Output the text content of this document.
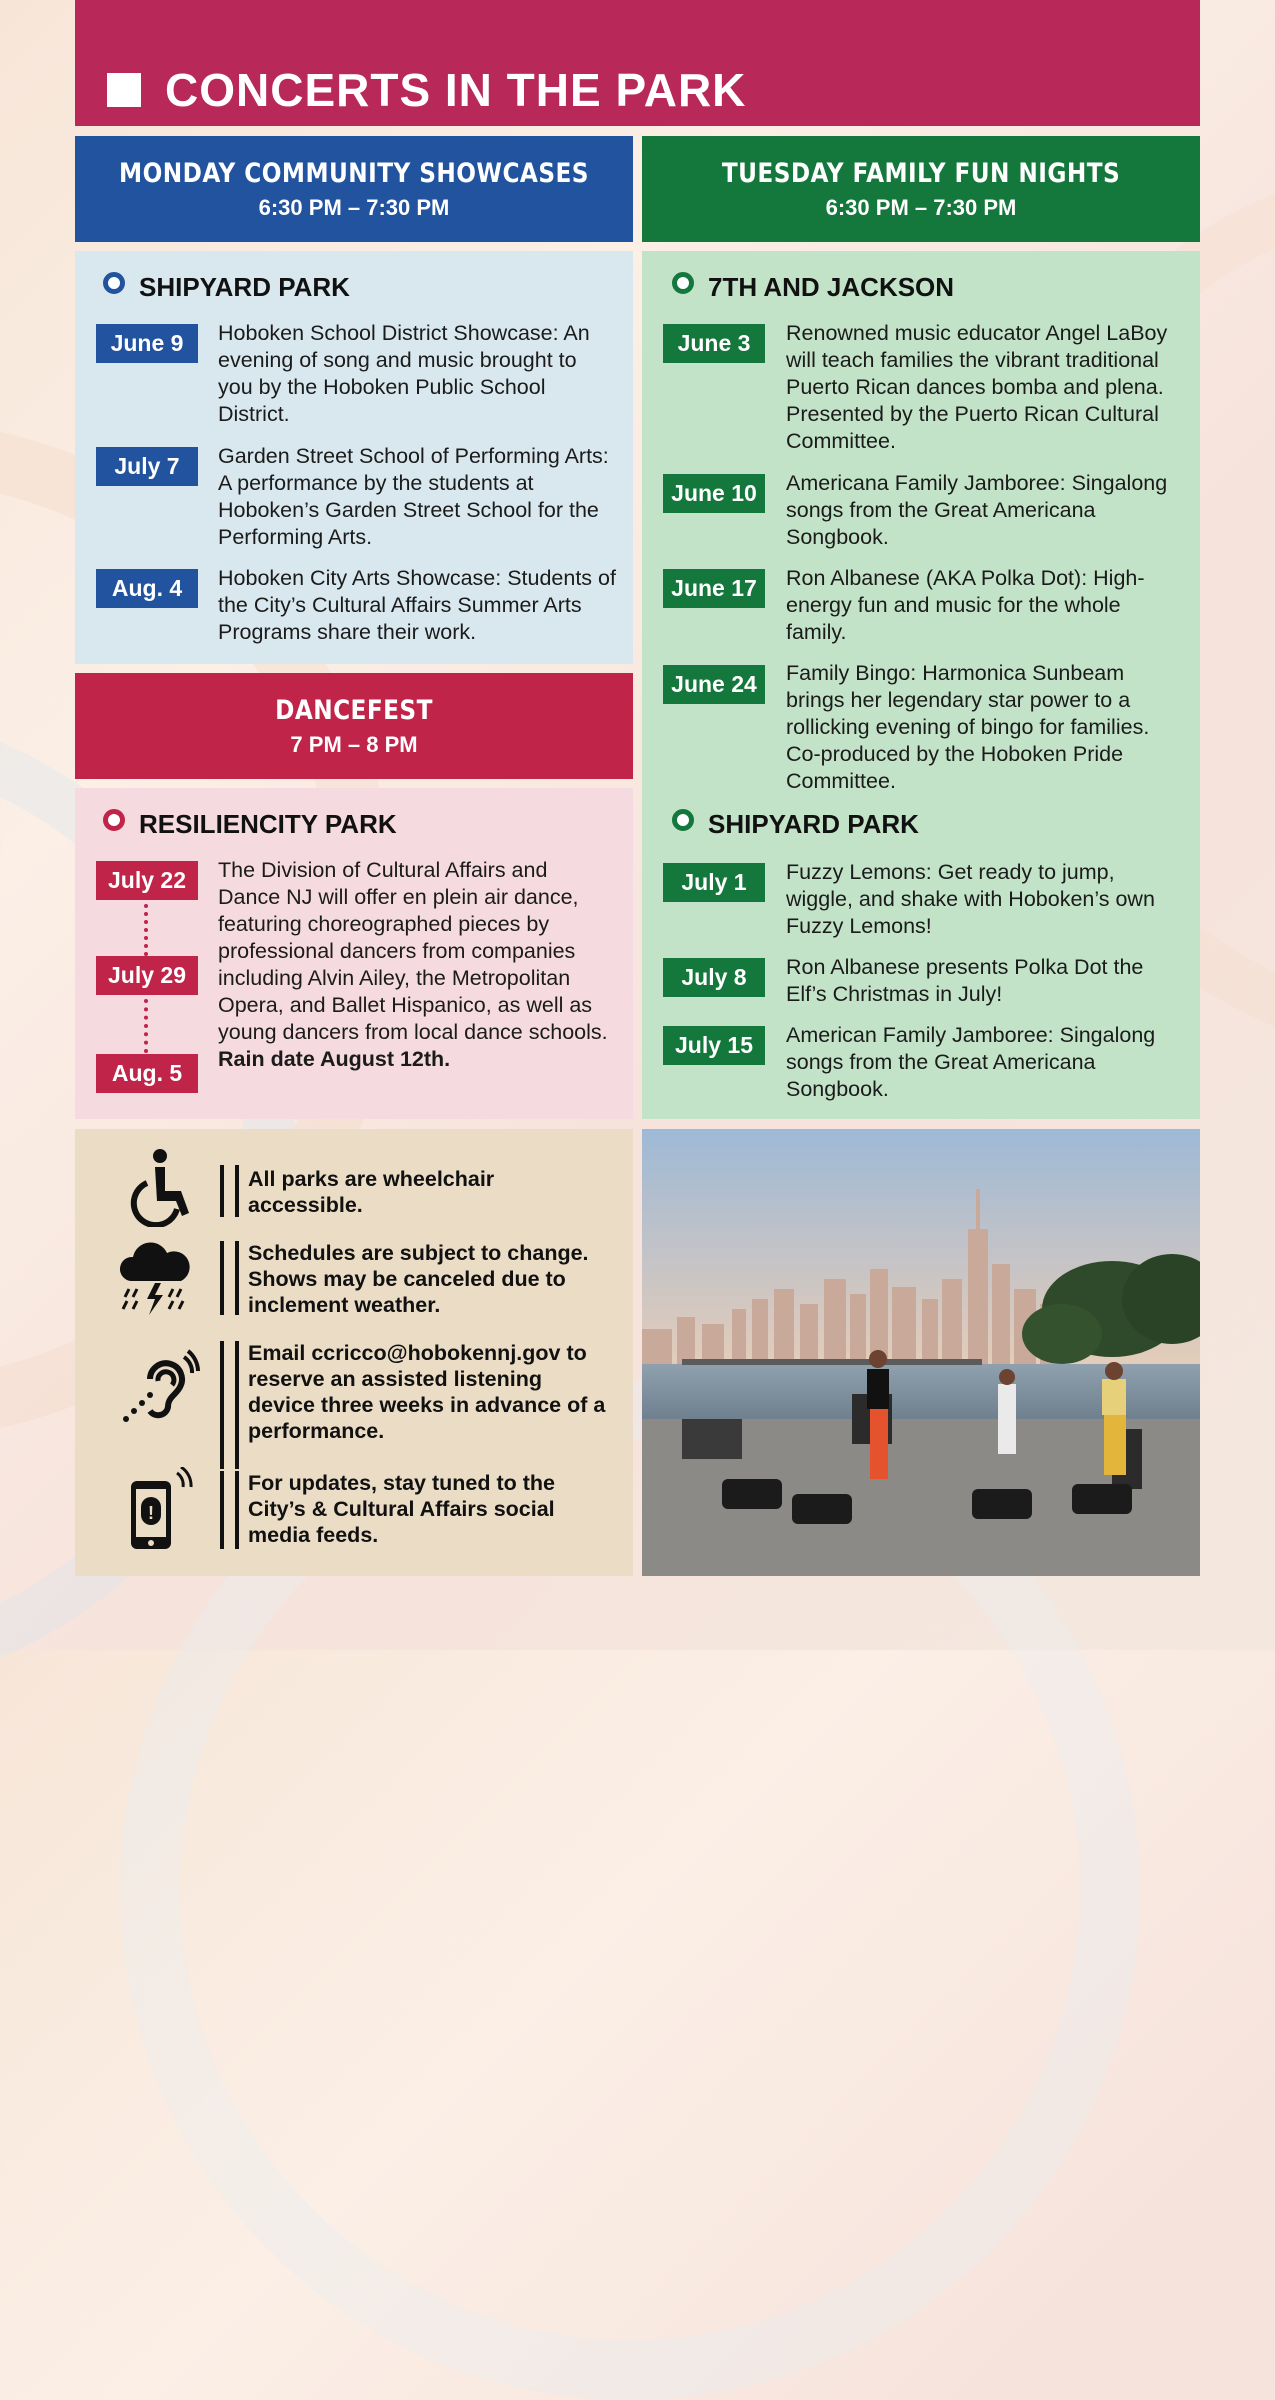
CONCERTS IN THE PARK
MONDAY COMMUNITY SHOWCASES
6:30 PM – 7:30 PM
TUESDAY FAMILY FUN NIGHTS
6:30 PM – 7:30 PM
SHIPYARD PARK
June 9	Hoboken School District Showcase: An evening of song and music brought to you by the Hoboken Public School District.
July 7	Garden Street School of Performing Arts: A performance by the students at Hoboken’s Garden Street School for the Performing Arts.
Aug. 4	Hoboken City Arts Showcase: Students of the City’s Cultural Affairs Summer Arts Programs share their work.
DANCEFEST
7 PM – 8 PM
RESILIENCITY PARK
July 22
July 29
Aug. 5
The Division of Cultural Affairs and Dance NJ will offer en plein air dance, featuring choreographed pieces by professional dancers from companies including Alvin Ailey, the Metropolitan Opera, and Ballet Hispanico, as well as young dancers from local dance schools.
Rain date August 12th.
7TH AND JACKSON
June 3	Renowned music educator Angel LaBoy will teach families the vibrant traditional Puerto Rican dances bomba and plena. Presented by the Puerto Rican Cultural Committee.
June 10	Americana Family Jamboree: Singalong songs from the Great Americana Songbook.
June 17	Ron Albanese (AKA Polka Dot): High-energy fun and music for the whole family.
June 24	Family Bingo: Harmonica Sunbeam brings her legendary star power to a rollicking evening of bingo for families. Co-produced by the Hoboken Pride Committee.
SHIPYARD PARK
July 1	Fuzzy Lemons: Get ready to jump, wiggle, and shake with Hoboken’s own Fuzzy Lemons!
July 8	Ron Albanese presents Polka Dot the Elf’s Christmas in July!
July 15	American Family Jamboree: Singalong songs from the Great Americana Songbook.
All parks are wheelchair accessible.
Schedules are subject to change. Shows may be canceled due to inclement weather.
Email ccricco@hobokennj.gov to reserve an assisted listening device three weeks in advance of a performance.
!
For updates, stay tuned to the City’s & Cultural Affairs social media feeds.
